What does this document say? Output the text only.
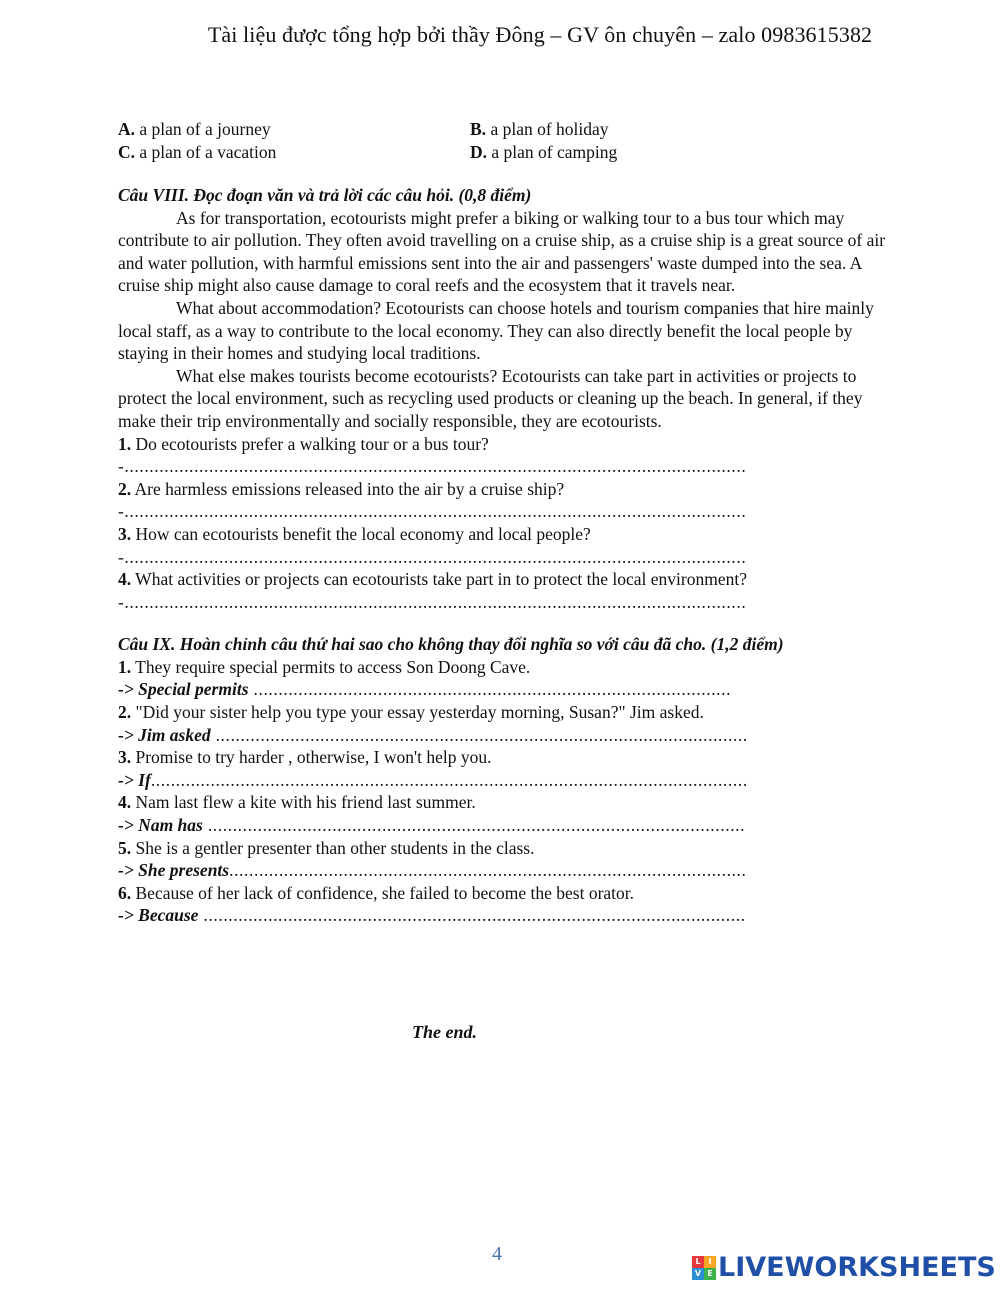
Tài liệu được tổng hợp bởi thầy Đông – GV ôn chuyên – zalo 0983615382
A. a plan of a journey	B. a plan of holiday
C. a plan of a vacation	D. a plan of camping
Câu VIII. Đọc đoạn văn và trả lời các câu hỏi. (0,8 điểm)
As for transportation, ecotourists might prefer a biking or walking tour to a bus tour which may contribute to air pollution. They often avoid travelling on a cruise ship, as a cruise ship is a great source of air and water pollution, with harmful emissions sent into the air and passengers' waste dumped into the sea. A cruise ship might also cause damage to coral reefs and the ecosystem that it travels near.
What about accommodation? Ecotourists can choose hotels and tourism companies that hire mainly local staff, as a way to contribute to the local economy. They can also directly benefit the local people by staying in their homes and studying local traditions.
What else makes tourists become ecotourists? Ecotourists can take part in activities or projects to protect the local environment, such as recycling used products or cleaning up the beach. In general, if they make their trip environmentally and socially responsible, they are ecotourists.
1. Do ecotourists prefer a walking tour or a bus tour?
-.............................................................................................................................
2. Are harmless emissions released into the air by a cruise ship?
-.............................................................................................................................
3. How can ecotourists benefit the local economy and local people?
-.............................................................................................................................
4. What activities or projects can ecotourists take part in to protect the local environment?
-.............................................................................................................................
Câu IX. Hoàn chỉnh câu thứ hai sao cho không thay đổi nghĩa so với câu đã cho. (1,2 điểm)
1. They require special permits to access Son Doong Cave.
-> Special permits ................................................................................................
2. "Did your sister help you type your essay yesterday morning, Susan?" Jim asked.
-> Jim asked ...........................................................................................................
3. Promise to try harder , otherwise, I won't help you.
-> If........................................................................................................................
4. Nam last flew a kite with his friend last summer.
-> Nam has ............................................................................................................
5. She is a gentler presenter than other students in the class.
-> She presents........................................................................................................
6. Because of her lack of confidence, she failed to become the best orator.
-> Because .............................................................................................................
The end.
4	L I
V E LIVEWORKSHEETS
